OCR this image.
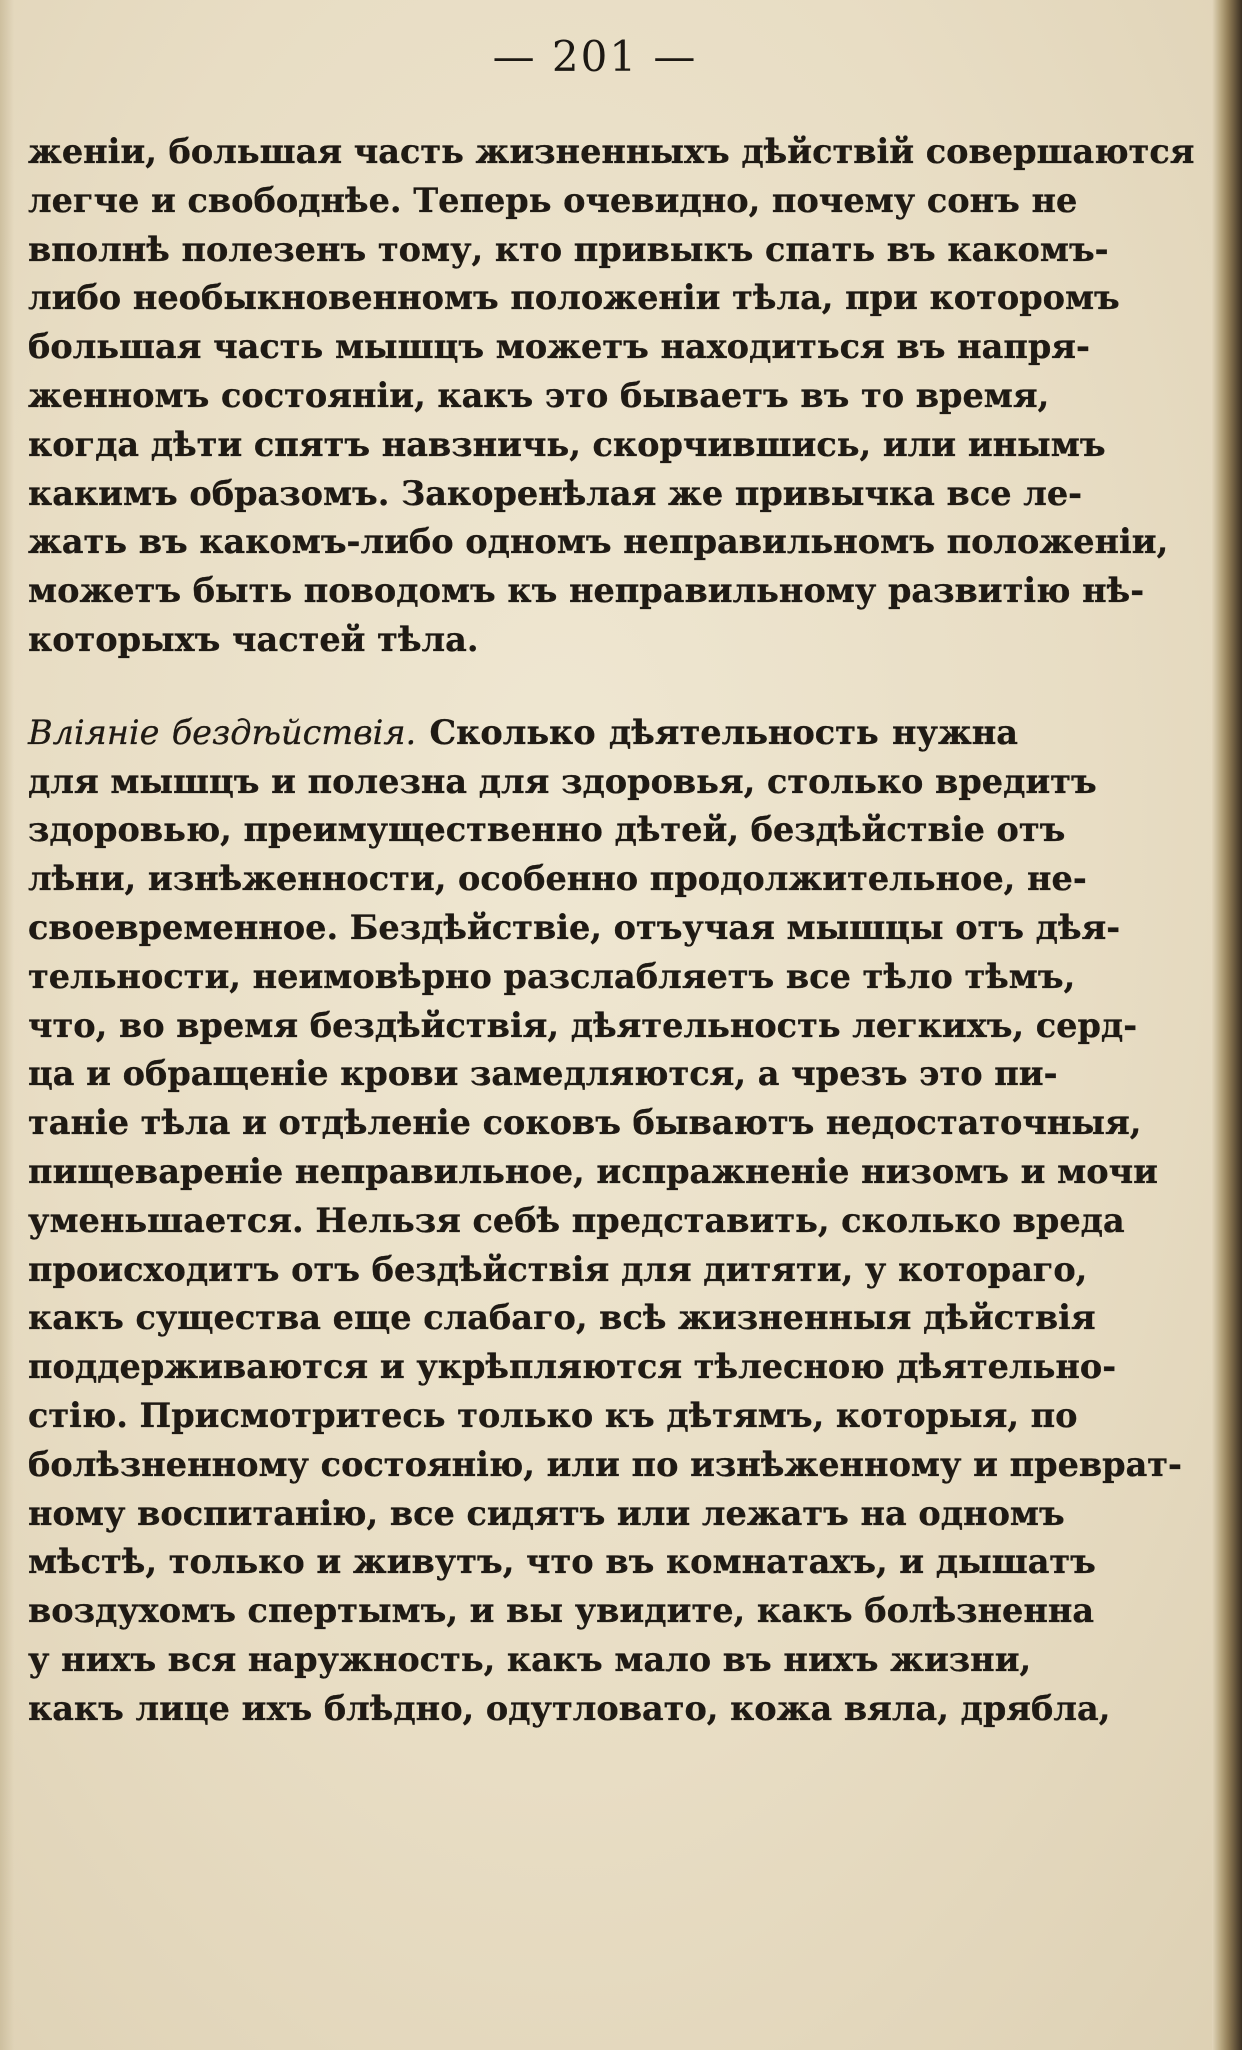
— 201 —
женіи, большая часть жизненныхъ дѣйствій совершаются
легче и свободнѣе. Теперь очевидно, почему сонъ не
вполнѣ полезенъ тому, кто привыкъ спать въ какомъ-
либо необыкновенномъ положеніи тѣла, при которомъ
большая часть мышцъ можетъ находиться въ напря-
женномъ состояніи, какъ это бываетъ въ то время,
когда дѣти спятъ навзничь, скорчившись, или инымъ
какимъ образомъ. Закоренѣлая же привычка все ле-
жать въ какомъ-либо одномъ неправильномъ положеніи,
можетъ быть поводомъ къ неправильному развитію нѣ-
которыхъ частей тѣла.
Вліяніе бездѣйствія. Сколько дѣятельность нужна
для мышцъ и полезна для здоровья, столько вредитъ
здоровью, преимущественно дѣтей, бездѣйствіе отъ
лѣни, изнѣженности, особенно продолжительное, не-
своевременное. Бездѣйствіе, отъучая мышцы отъ дѣя-
тельности, неимовѣрно разслабляетъ все тѣло тѣмъ,
что, во время бездѣйствія, дѣятельность легкихъ, серд-
ца и обращеніе крови замедляются, а чрезъ это пи-
таніе тѣла и отдѣленіе соковъ бываютъ недостаточныя,
пищевареніе неправильное, испражненіе низомъ и мочи
уменьшается. Нельзя себѣ представить, сколько вреда
происходитъ отъ бездѣйствія для дитяти, у котораго,
какъ существа еще слабаго, всѣ жизненныя дѣйствія
поддерживаются и укрѣпляются тѣлесною дѣятельно-
стію. Присмотритесь только къ дѣтямъ, которыя, по
болѣзненному состоянію, или по изнѣженному и преврат-
ному воспитанію, все сидятъ или лежатъ на одномъ
мѣстѣ, только и живутъ, что въ комнатахъ, и дышатъ
воздухомъ спертымъ, и вы увидите, какъ болѣзненна
у нихъ вся наружность, какъ мало въ нихъ жизни,
какъ лице ихъ блѣдно, одутловато, кожа вяла, дрябла,
